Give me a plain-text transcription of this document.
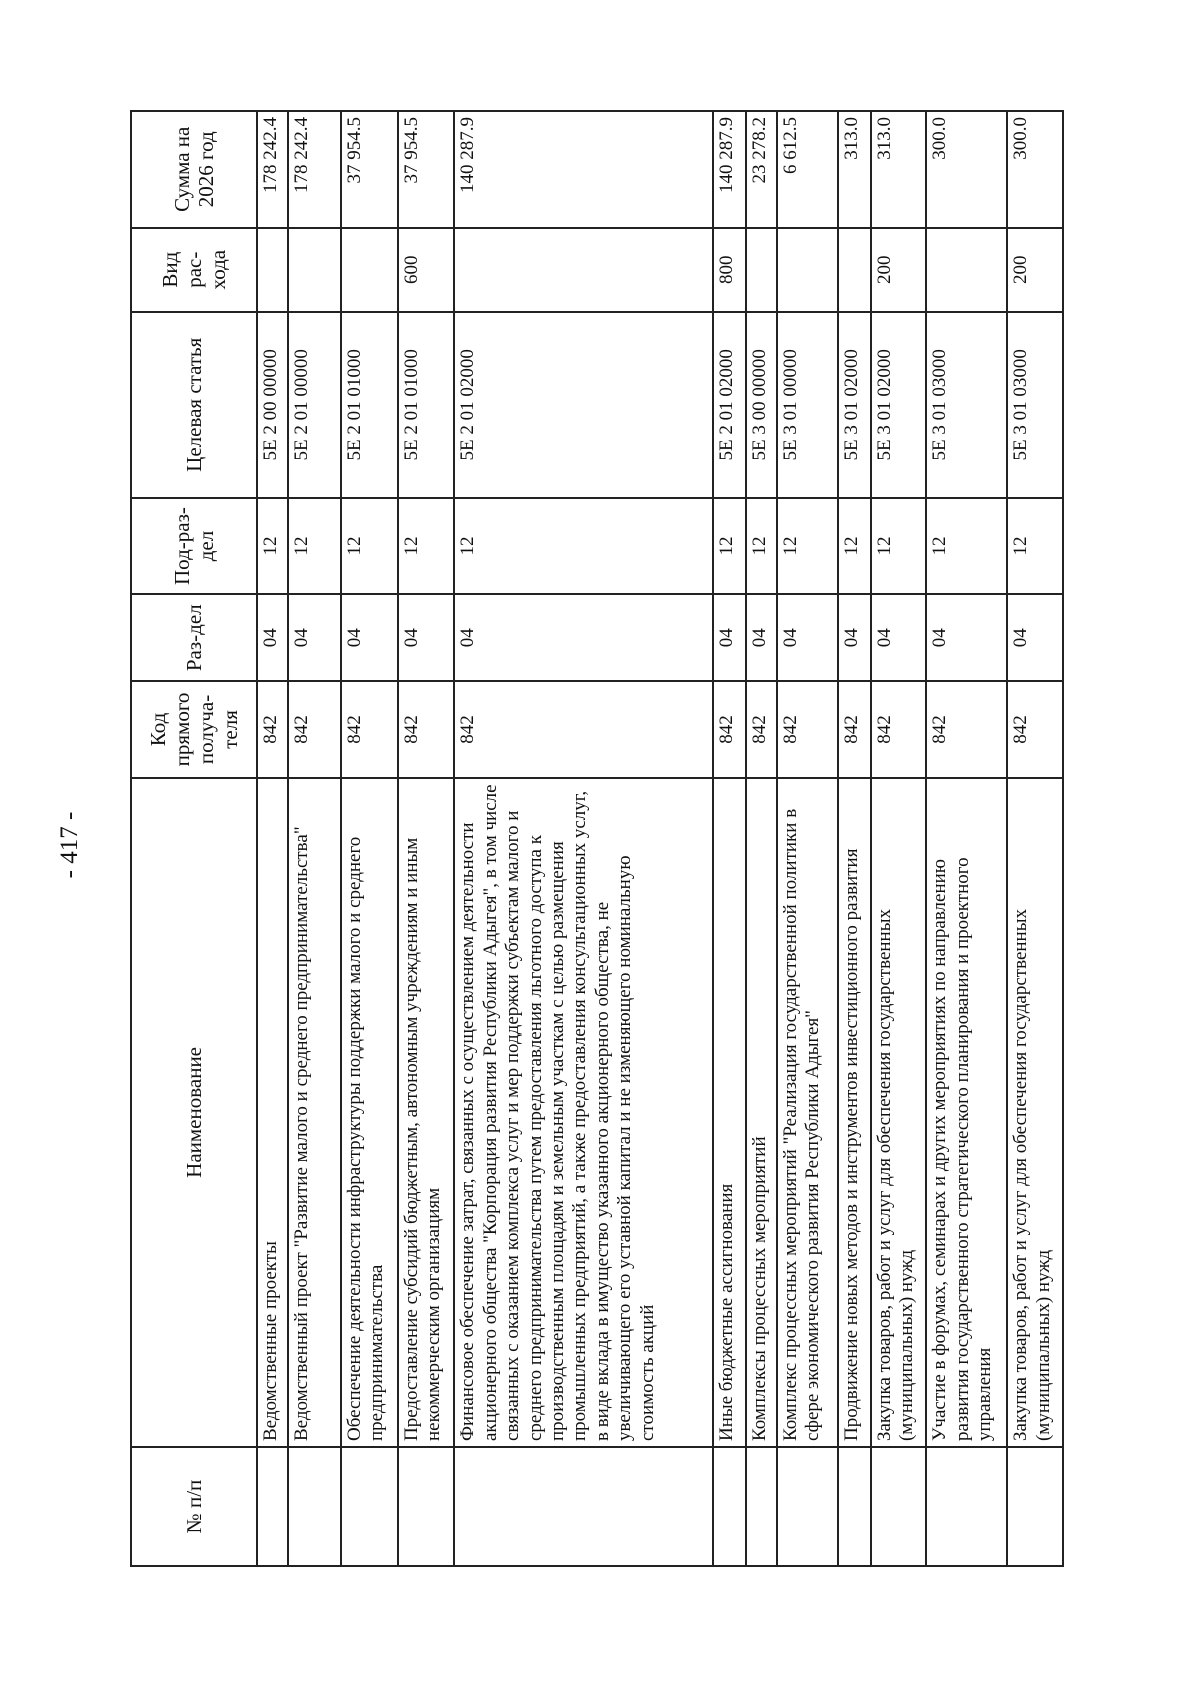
- 417 -
№ п/п	Наименование	Код прямого получа-теля	Раз-дел	Под-раз-дел	Целевая статья	Вид рас-хода	Сумма на 2026 год
	Ведомственные проекты	842	04	12	5Е 2 00 00000		178 242.4
	Ведомственный проект "Развитие малого и среднего предпринимательства"	842	04	12	5Е 2 01 00000		178 242.4
	Обеспечение деятельности инфраструктуры поддержки малого и среднего предпринимательства	842	04	12	5Е 2 01 01000		37 954.5
	Предоставление субсидий бюджетным, автономным учреждениям и иным некоммерческим организациям	842	04	12	5Е 2 01 01000	600	37 954.5
	Финансовое обеспечение затрат, связанных с осуществлением деятельности акционерного общества "Корпорация развития Республики Адыгея", в том числе связанных с оказанием комплекса услуг и мер поддержки субъектам малого и среднего предпринимательства путем предоставления льготного доступа к производственным площадям и земельным участкам с целью размещения промышленных предприятий, а также предоставления консультационных услуг, в виде вклада в имущество указанного акционерного общества, не увеличивающего его уставной капитал и не изменяющего номинальную стоимость акций	842	04	12	5Е 2 01 02000		140 287.9
	Иные бюджетные ассигнования	842	04	12	5Е 2 01 02000	800	140 287.9
	Комплексы процессных мероприятий	842	04	12	5Е 3 00 00000		23 278.2
	Комплекс процессных мероприятий "Реализация государственной политики в сфере экономического развития Республики Адыгея"	842	04	12	5Е 3 01 00000		6 612.5
	Продвижение новых методов и инструментов инвестиционного развития	842	04	12	5Е 3 01 02000		313.0
	Закупка товаров, работ и услуг для обеспечения государственных (муниципальных) нужд	842	04	12	5Е 3 01 02000	200	313.0
	Участие в форумах, семинарах и других мероприятиях по направлению развития государственного стратегического планирования и проектного управления	842	04	12	5Е 3 01 03000		300.0
	Закупка товаров, работ и услуг для обеспечения государственных (муниципальных) нужд	842	04	12	5Е 3 01 03000	200	300.0
